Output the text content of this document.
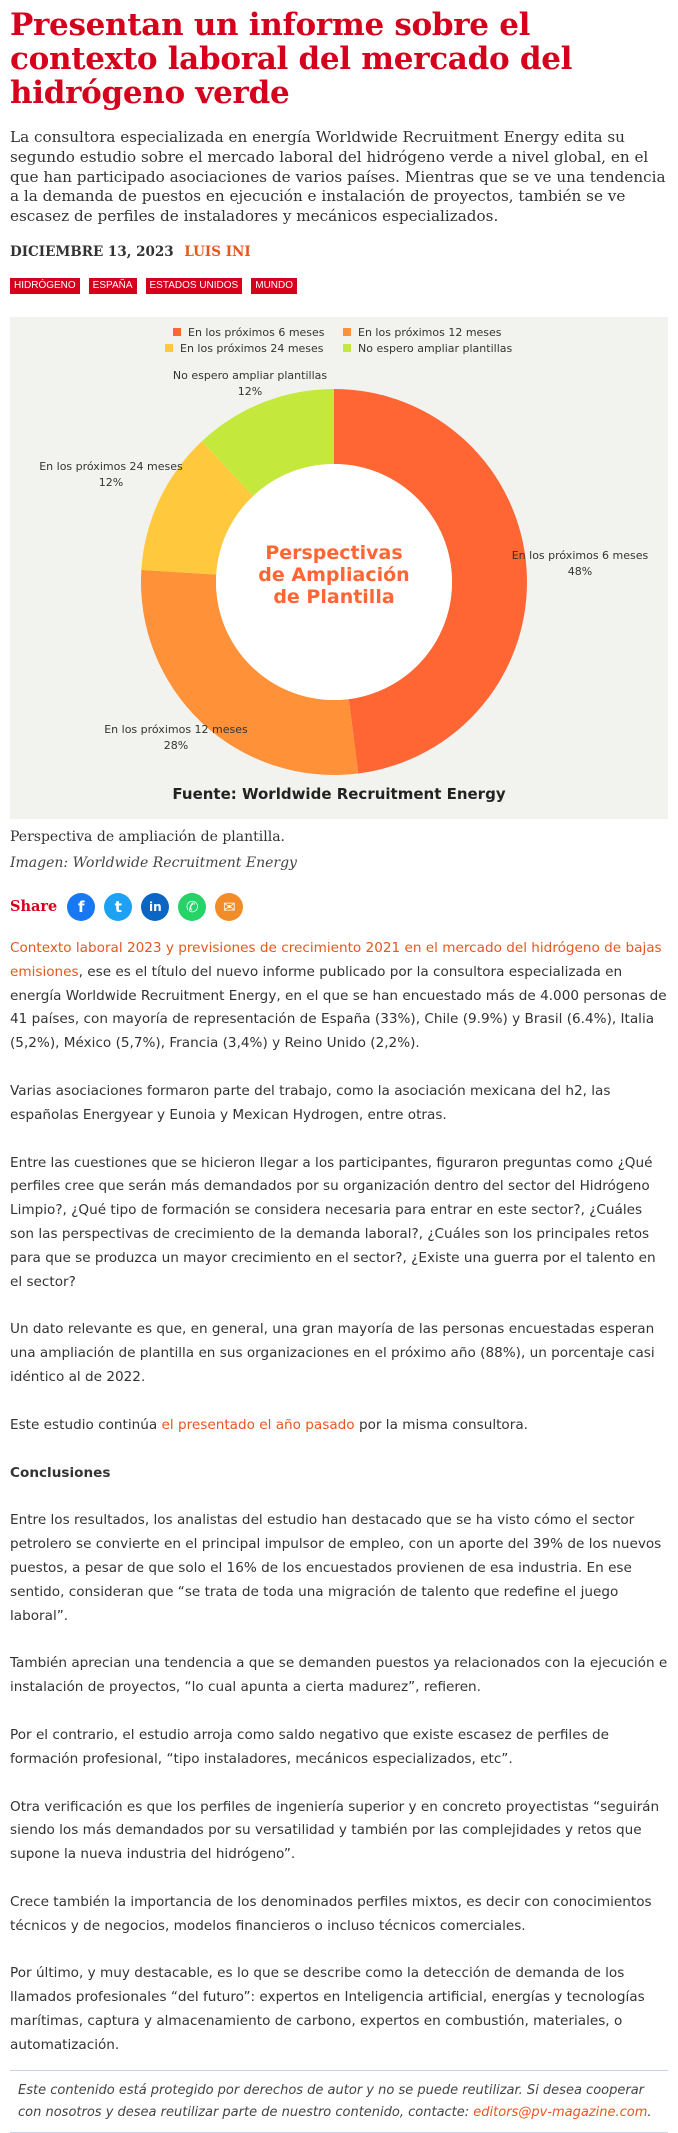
Presentan un informe sobre el contexto laboral del mercado del hidrógeno verde

La consultora especializada en energía Worldwide Recruitment Energy edita su segundo estudio sobre el mercado laboral del hidrógeno verde a nivel global, en el que han participado asociaciones de varios países. Mientras que se ve una tendencia a la demanda de puestos en ejecución e instalación de proyectos, también se ve escasez de perfiles de instaladores y mecánicos especializados.

DICIEMBRE 13, 2023 LUIS INI
HIDRÓGENO	ESPAÑA	ESTADOS UNIDOS	MUNDO
En los próximos 6 meses	En los próximos 12 meses
En los próximos 24 meses	No espero ampliar plantillas
Perspectivas
de Ampliación
de Plantilla
En los próximos 6 meses
48%
En los próximos 12 meses
28%
En los próximos 24 meses
12%
No espero ampliar plantillas
12%
Fuente: Worldwide Recruitment Energy
Perspectiva de ampliación de plantilla.
Imagen: Worldwide Recruitment Energy
Share	f	t	in	✆	✉

Contexto laboral 2023 y previsiones de crecimiento 2021 en el mercado del hidrógeno de bajas emisiones, ese es el título del nuevo informe publicado por la consultora especializada en energía Worldwide Recruitment Energy, en el que se han encuestado más de 4.000 personas de 41 países, con mayoría de representación de España (33%), Chile (9.9%) y Brasil (6.4%), Italia (5,2%), México (5,7%), Francia (3,4%) y Reino Unido (2,2%).

Varias asociaciones formaron parte del trabajo, como la asociación mexicana del h2, las españolas Energyear y Eunoia y Mexican Hydrogen, entre otras.

Entre las cuestiones que se hicieron llegar a los participantes, figuraron preguntas como ¿Qué perfiles cree que serán más demandados por su organización dentro del sector del Hidrógeno Limpio?, ¿Qué tipo de formación se considera necesaria para entrar en este sector?, ¿Cuáles son las perspectivas de crecimiento de la demanda laboral?, ¿Cuáles son los principales retos para que se produzca un mayor crecimiento en el sector?, ¿Existe una guerra por el talento en el sector?

Un dato relevante es que, en general, una gran mayoría de las personas encuestadas esperan una ampliación de plantilla en sus organizaciones en el próximo año (88%), un porcentaje casi idéntico al de 2022.

Este estudio continúa el presentado el año pasado por la misma consultora.

Conclusiones

Entre los resultados, los analistas del estudio han destacado que se ha visto cómo el sector petrolero se convierte en el principal impulsor de empleo, con un aporte del 39% de los nuevos puestos, a pesar de que solo el 16% de los encuestados provienen de esa industria. En ese sentido, consideran que “se trata de toda una migración de talento que redefine el juego laboral”.

También aprecian una tendencia a que se demanden puestos ya relacionados con la ejecución e instalación de proyectos, “lo cual apunta a cierta madurez”, refieren.

Por el contrario, el estudio arroja como saldo negativo que existe escasez de perfiles de formación profesional, “tipo instaladores, mecánicos especializados, etc”.

Otra verificación es que los perfiles de ingeniería superior y en concreto proyectistas “seguirán siendo los más demandados por su versatilidad y también por las complejidades y retos que supone la nueva industria del hidrógeno”.

Crece también la importancia de los denominados perfiles mixtos, es decir con conocimientos técnicos y de negocios, modelos financieros o incluso técnicos comerciales.

Por último, y muy destacable, es lo que se describe como la detección de demanda de los llamados profesionales “del futuro”: expertos en Inteligencia artificial, energías y tecnologías marítimas, captura y almacenamiento de carbono, expertos en combustión, materiales, o automatización.

Este contenido está protegido por derechos de autor y no se puede reutilizar. Si desea cooperar con nosotros y desea reutilizar parte de nuestro contenido, contacte: editors@pv-magazine.com.
